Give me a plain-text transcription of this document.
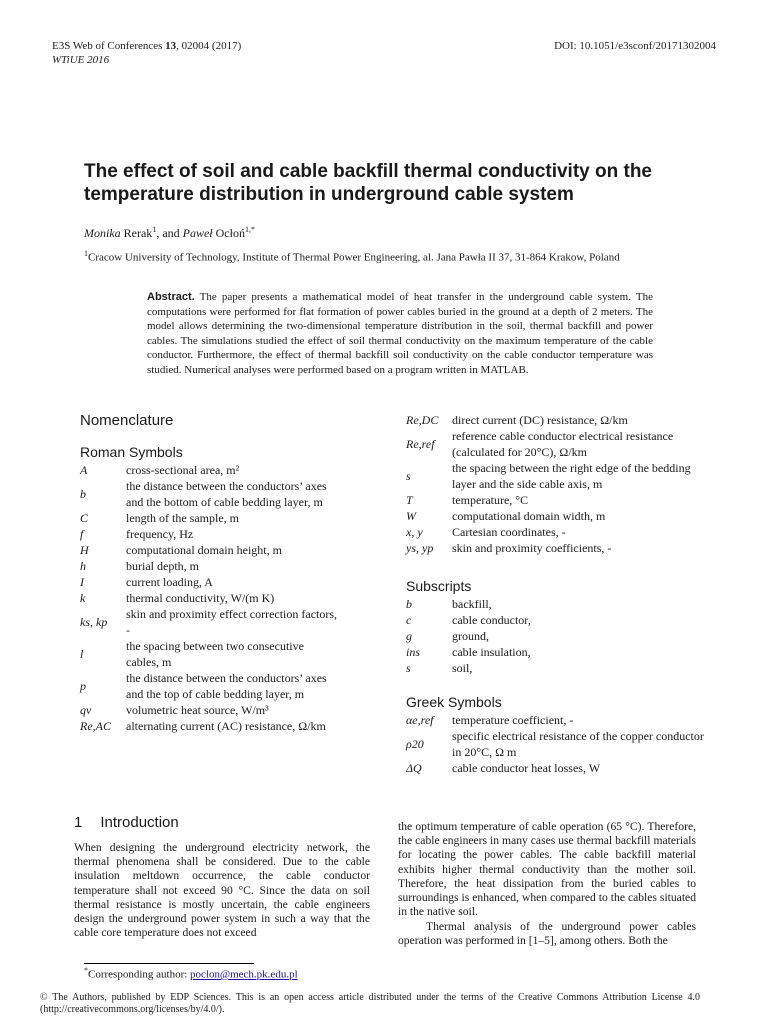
E3S Web of Conferences 13, 02004 (2017)	DOI: 10.1051/e3sconf/20171302004
WTiUE 2016
The effect of soil and cable backfill thermal conductivity on the temperature distribution in underground cable system
Monika Rerak$^1$, and Paweł Ocłoń$^{1,*}$
$^1$Cracow University of Technology, Institute of Thermal Power Engineering, al. Jana Pawła II 37, 31-864 Krakow, Poland
Abstract. The paper presents a mathematical model of heat transfer in the underground cable system. The computations were performed for flat formation of power cables buried in the ground at a depth of 2 meters. The model allows determining the two-dimensional temperature distribution in the soil, thermal backfill and power cables. The simulations studied the effect of soil thermal conductivity on the maximum temperature of the cable conductor. Furthermore, the effect of thermal backfill soil conductivity on the cable conductor temperature was studied. Numerical analyses were performed based on a program written in MATLAB.
Nomenclature
Roman Symbols
A	cross-sectional area, m²
b	the distance between the conductors’ axes and the bottom of cable bedding layer, m
C	length of the sample, m
f	frequency, Hz
H	computational domain height, m
h	burial depth, m
I	current loading, A
k	thermal conductivity, W/(m K)
ks, kp	skin and proximity effect correction factors, -
l	the spacing between two consecutive cables, m
p	the distance between the conductors’ axes and the top of cable bedding layer, m
qv	volumetric heat source, W/m³
Re,AC	alternating current (AC) resistance, Ω/km
Re,DC	direct current (DC) resistance, Ω/km
Re,ref	reference cable conductor electrical resistance (calculated for 20°C), Ω/km
s	the spacing between the right edge of the bedding layer and the side cable axis, m
T	temperature, °C
W	computational domain width, m
x, y	Cartesian coordinates, -
ys, yp	skin and proximity coefficients, -
Subscripts
b	backfill,
c	cable conductor,
g	ground,
ins	cable insulation,
s	soil,
Greek Symbols
αe,ref	temperature coefficient, -
ρ20	specific electrical resistance of the copper conductor in 20°C, Ω m
ΔQ	cable conductor heat losses, W
1 Introduction
When designing the underground electricity network, the thermal phenomena shall be considered. Due to the cable insulation meltdown occurrence, the cable conductor temperature shall not exceed 90 °C. Since the data on soil thermal resistance is mostly uncertain, the cable engineers design the underground power system in such a way that the cable core temperature does not exceed
the optimum temperature of cable operation (65 °C). Therefore, the cable engineers in many cases use thermal backfill materials for locating the power cables. The cable backfill material exhibits higher thermal conductivity than the mother soil. Therefore, the heat dissipation from the buried cables to surroundings is enhanced, when compared to the cables situated in the native soil.
Thermal analysis of the underground power cables operation was performed in [1–5], among others. Both the
*Corresponding author: poclon@mech.pk.edu.pl
© The Authors, published by EDP Sciences. This is an open access article distributed under the terms of the Creative Commons Attribution License 4.0 (http://creativecommons.org/licenses/by/4.0/).
